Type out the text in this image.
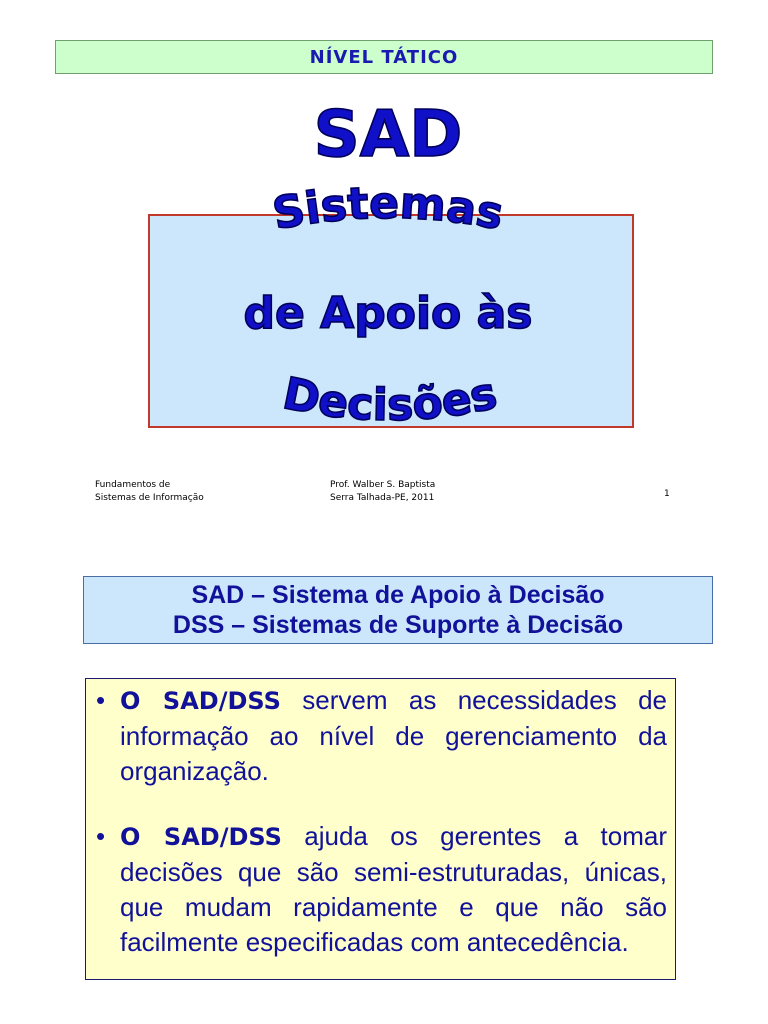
NÍVEL TÁTICO
SAD
Sistemas
de Apoio às
Decisões
Fundamentos de
Sistemas de Informação
Prof. Walber S. Baptista
Serra Talhada-PE, 2011	1
SAD – Sistema de Apoio à Decisão
DSS – Sistemas de Suporte à Decisão
• O SAD/DSS servem as necessidades de informação ao nível de gerenciamento da organização.
• O SAD/DSS ajuda os gerentes a tomar decisões que são semi-estruturadas, únicas, que mudam rapidamente e que não são facilmente especificadas com antecedência.
